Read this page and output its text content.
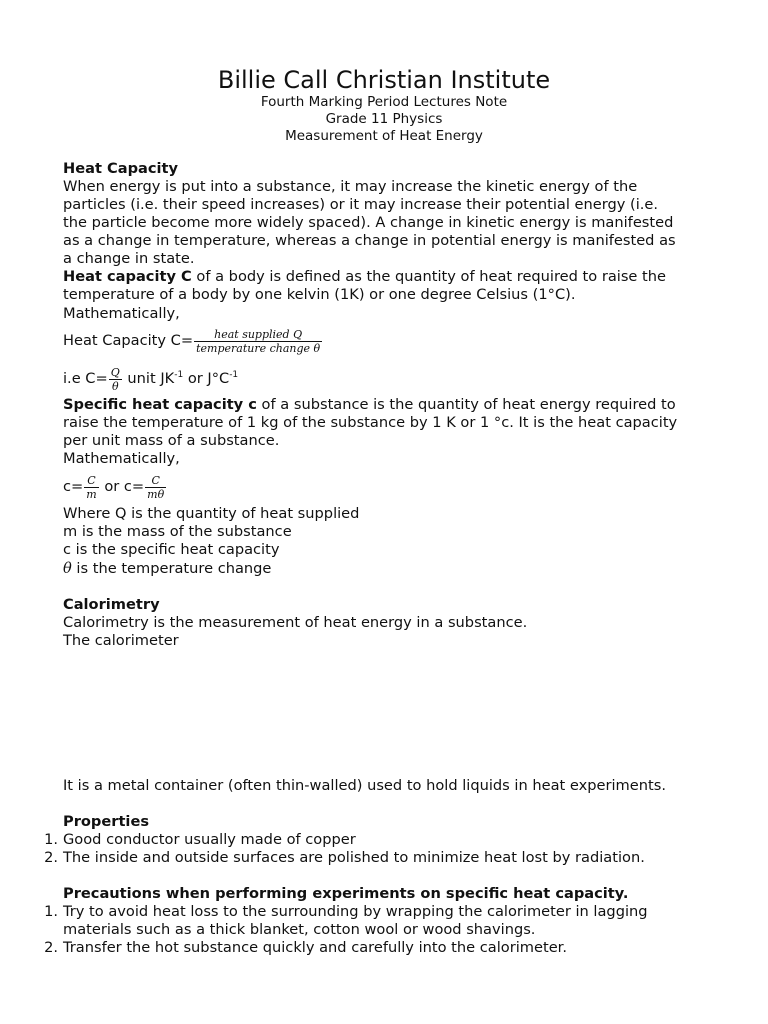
Billie Call Christian Institute
Fourth Marking Period Lectures Note
Grade 11 Physics
Measurement of Heat Energy
Heat Capacity
When energy is put into a substance, it may increase the kinetic energy of the
particles (i.e. their speed increases) or it may increase their potential energy (i.e.
the particle become more widely spaced). A change in kinetic energy is manifested
as a change in temperature, whereas a change in potential energy is manifested as
a change in state.
Heat capacity C of a body is defined as the quantity of heat required to raise the
temperature of a body by one kelvin (1K) or one degree Celsius (1°C).
Mathematically,
Heat Capacity $C= \frac{\text{heat supplied Q}}{\text{temperature change θ}}$
i.e $C= \frac{Q}{\theta}$ unit $JK^{-1}$ or $J^\circ C^{-1}$
Specific heat capacity c of a substance is the quantity of heat energy required to
raise the temperature of 1 kg of the substance by 1 K or 1 °c. It is the heat capacity
per unit mass of a substance.
Mathematically,
$c= \frac{C}{m}$ or $c= \frac{C}{m\theta}$
Where Q is the quantity of heat supplied
m is the mass of the substance
c is the specific heat capacity
θ is the temperature change
Calorimetry
Calorimetry is the measurement of heat energy in a substance.
The calorimeter
It is a metal container (often thin-walled) used to hold liquids in heat experiments.
Properties
1. Good conductor usually made of copper
2. The inside and outside surfaces are polished to minimize heat lost by radiation.
Precautions when performing experiments on specific heat capacity.
1. Try to avoid heat loss to the surrounding by wrapping the calorimeter in lagging
materials such as a thick blanket, cotton wool or wood shavings.
2. Transfer the hot substance quickly and carefully into the calorimeter.
